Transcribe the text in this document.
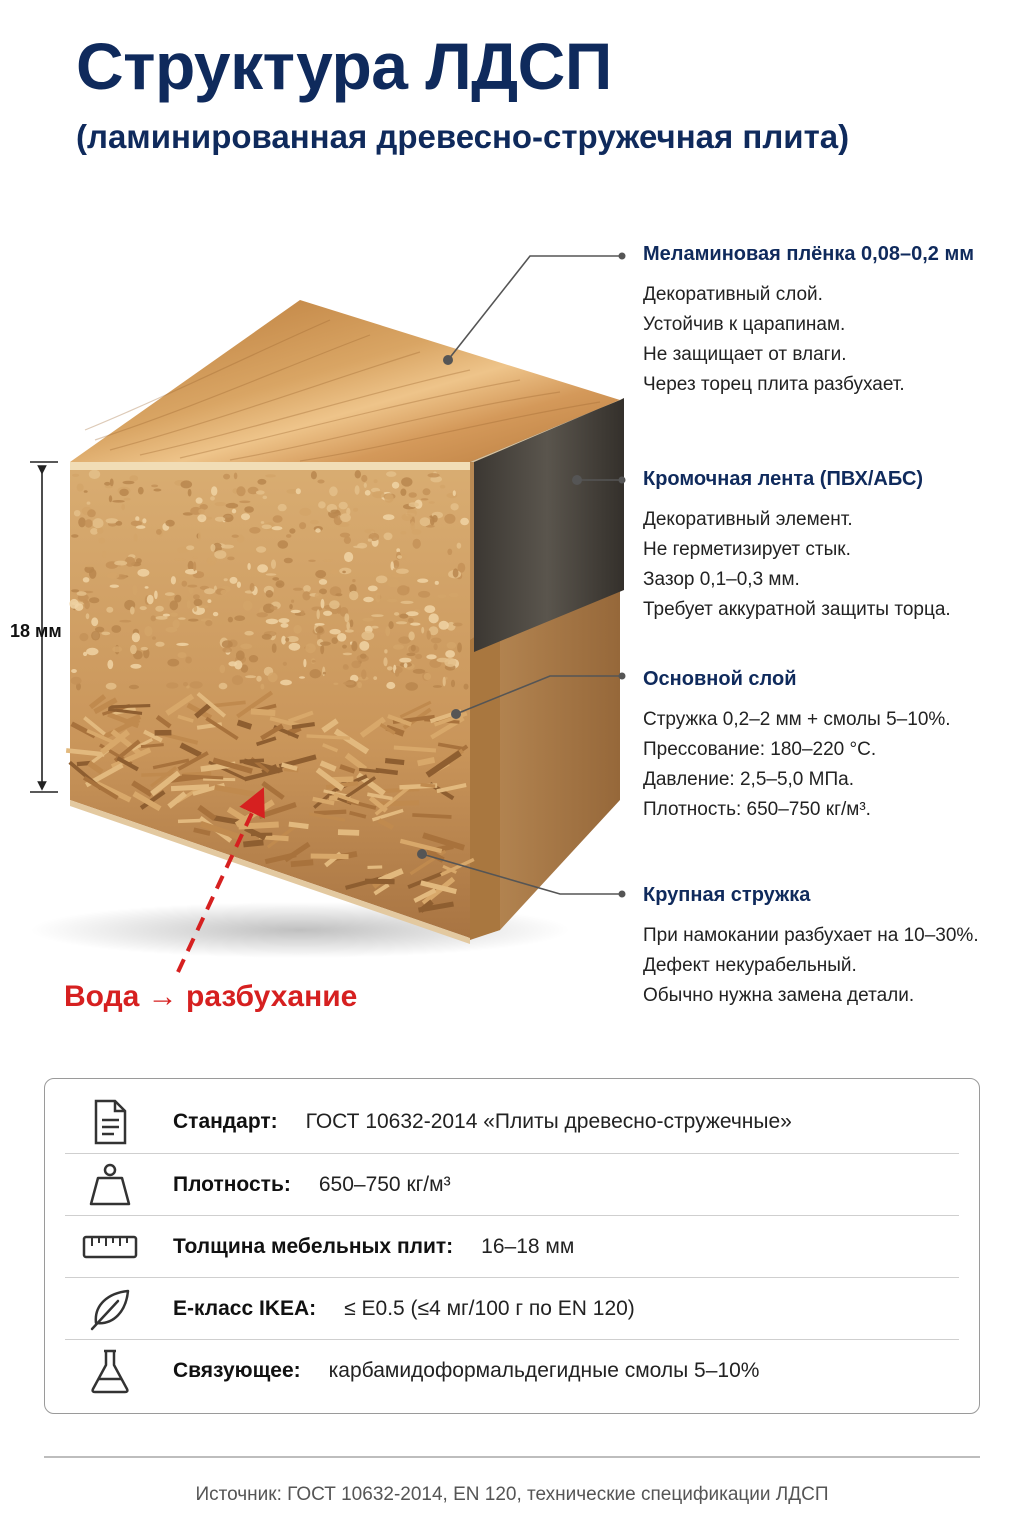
Структура ЛДСП
(ламинированная древесно-стружечная плита)
18 мм
Вода → разбухание
Меламиновая плёнка 0,08–0,2 мм
Декоративный слой.
Устойчив к царапинам.
Не защищает от влаги.
Через торец плита разбухает.
Кромочная лента (ПВХ/АБС)
Декоративный элемент.
Не герметизирует стык.
Зазор 0,1–0,3 мм.
Требует аккуратной защиты торца.
Основной слой
Стружка 0,2–2 мм + смолы 5–10%.
Прессование: 180–220 °C.
Давление: 2,5–5,0 МПа.
Плотность: 650–750 кг/м³.
Крупная стружка
При намокании разбухает на 10–30%.
Дефект некурабельный.
Обычно нужна замена детали.
Стандарт: ГОСТ 10632-2014 «Плиты древесно-стружечные»
Плотность: 650–750 кг/м³
Толщина мебельных плит: 16–18 мм
E-класс IKEA: ≤ E0.5 (≤4 мг/100 г по EN 120)
Связующее: карбамидоформальдегидные смолы 5–10%
Источник: ГОСТ 10632-2014, EN 120, технические спецификации ЛДСП
